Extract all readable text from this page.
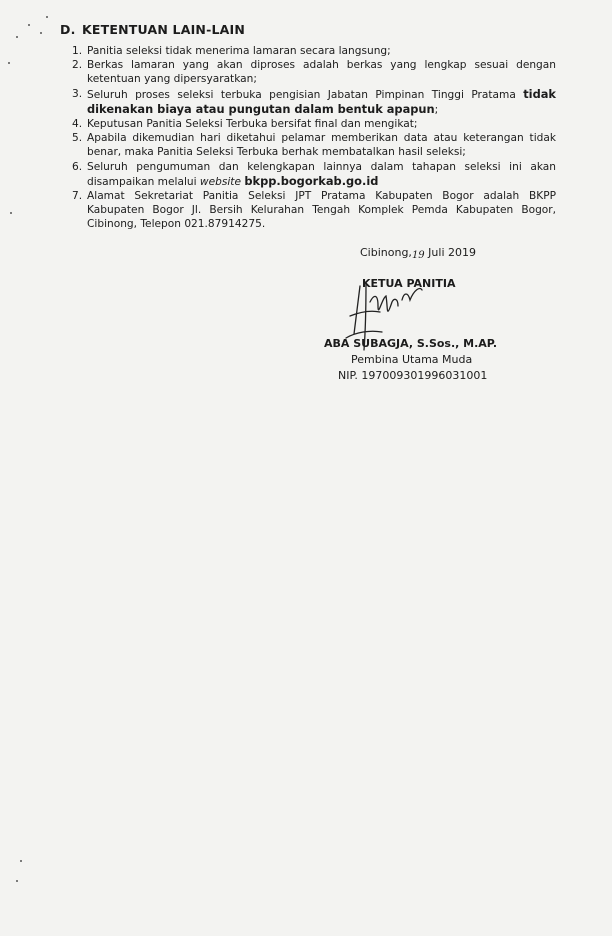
D. KETENTUAN LAIN-LAIN
1. Panitia seleksi tidak menerima lamaran secara langsung;
2. Berkas lamaran yang akan diproses adalah berkas yang lengkap sesuai dengan ketentuan yang dipersyaratkan;
3. Seluruh proses seleksi terbuka pengisian Jabatan Pimpinan Tinggi Pratama tidak dikenakan biaya atau pungutan dalam bentuk apapun;
4. Keputusan Panitia Seleksi Terbuka bersifat final dan mengikat;
5. Apabila dikemudian hari diketahui pelamar memberikan data atau keterangan tidak benar, maka Panitia Seleksi Terbuka berhak membatalkan hasil seleksi;
6. Seluruh pengumuman dan kelengkapan lainnya dalam tahapan seleksi ini akan disampaikan melalui website bkpp.bogorkab.go.id
7. Alamat Sekretariat Panitia Seleksi JPT Pratama Kabupaten Bogor adalah BKPP Kabupaten Bogor Jl. Bersih Kelurahan Tengah Komplek Pemda Kabupaten Bogor, Cibinong, Telepon 021.87914275.
Cibinong,19 Juli 2019
KETUA PANITIA
ABA SUBAGJA, S.Sos., M.AP.
Pembina Utama Muda
NIP. 197009301996031001
